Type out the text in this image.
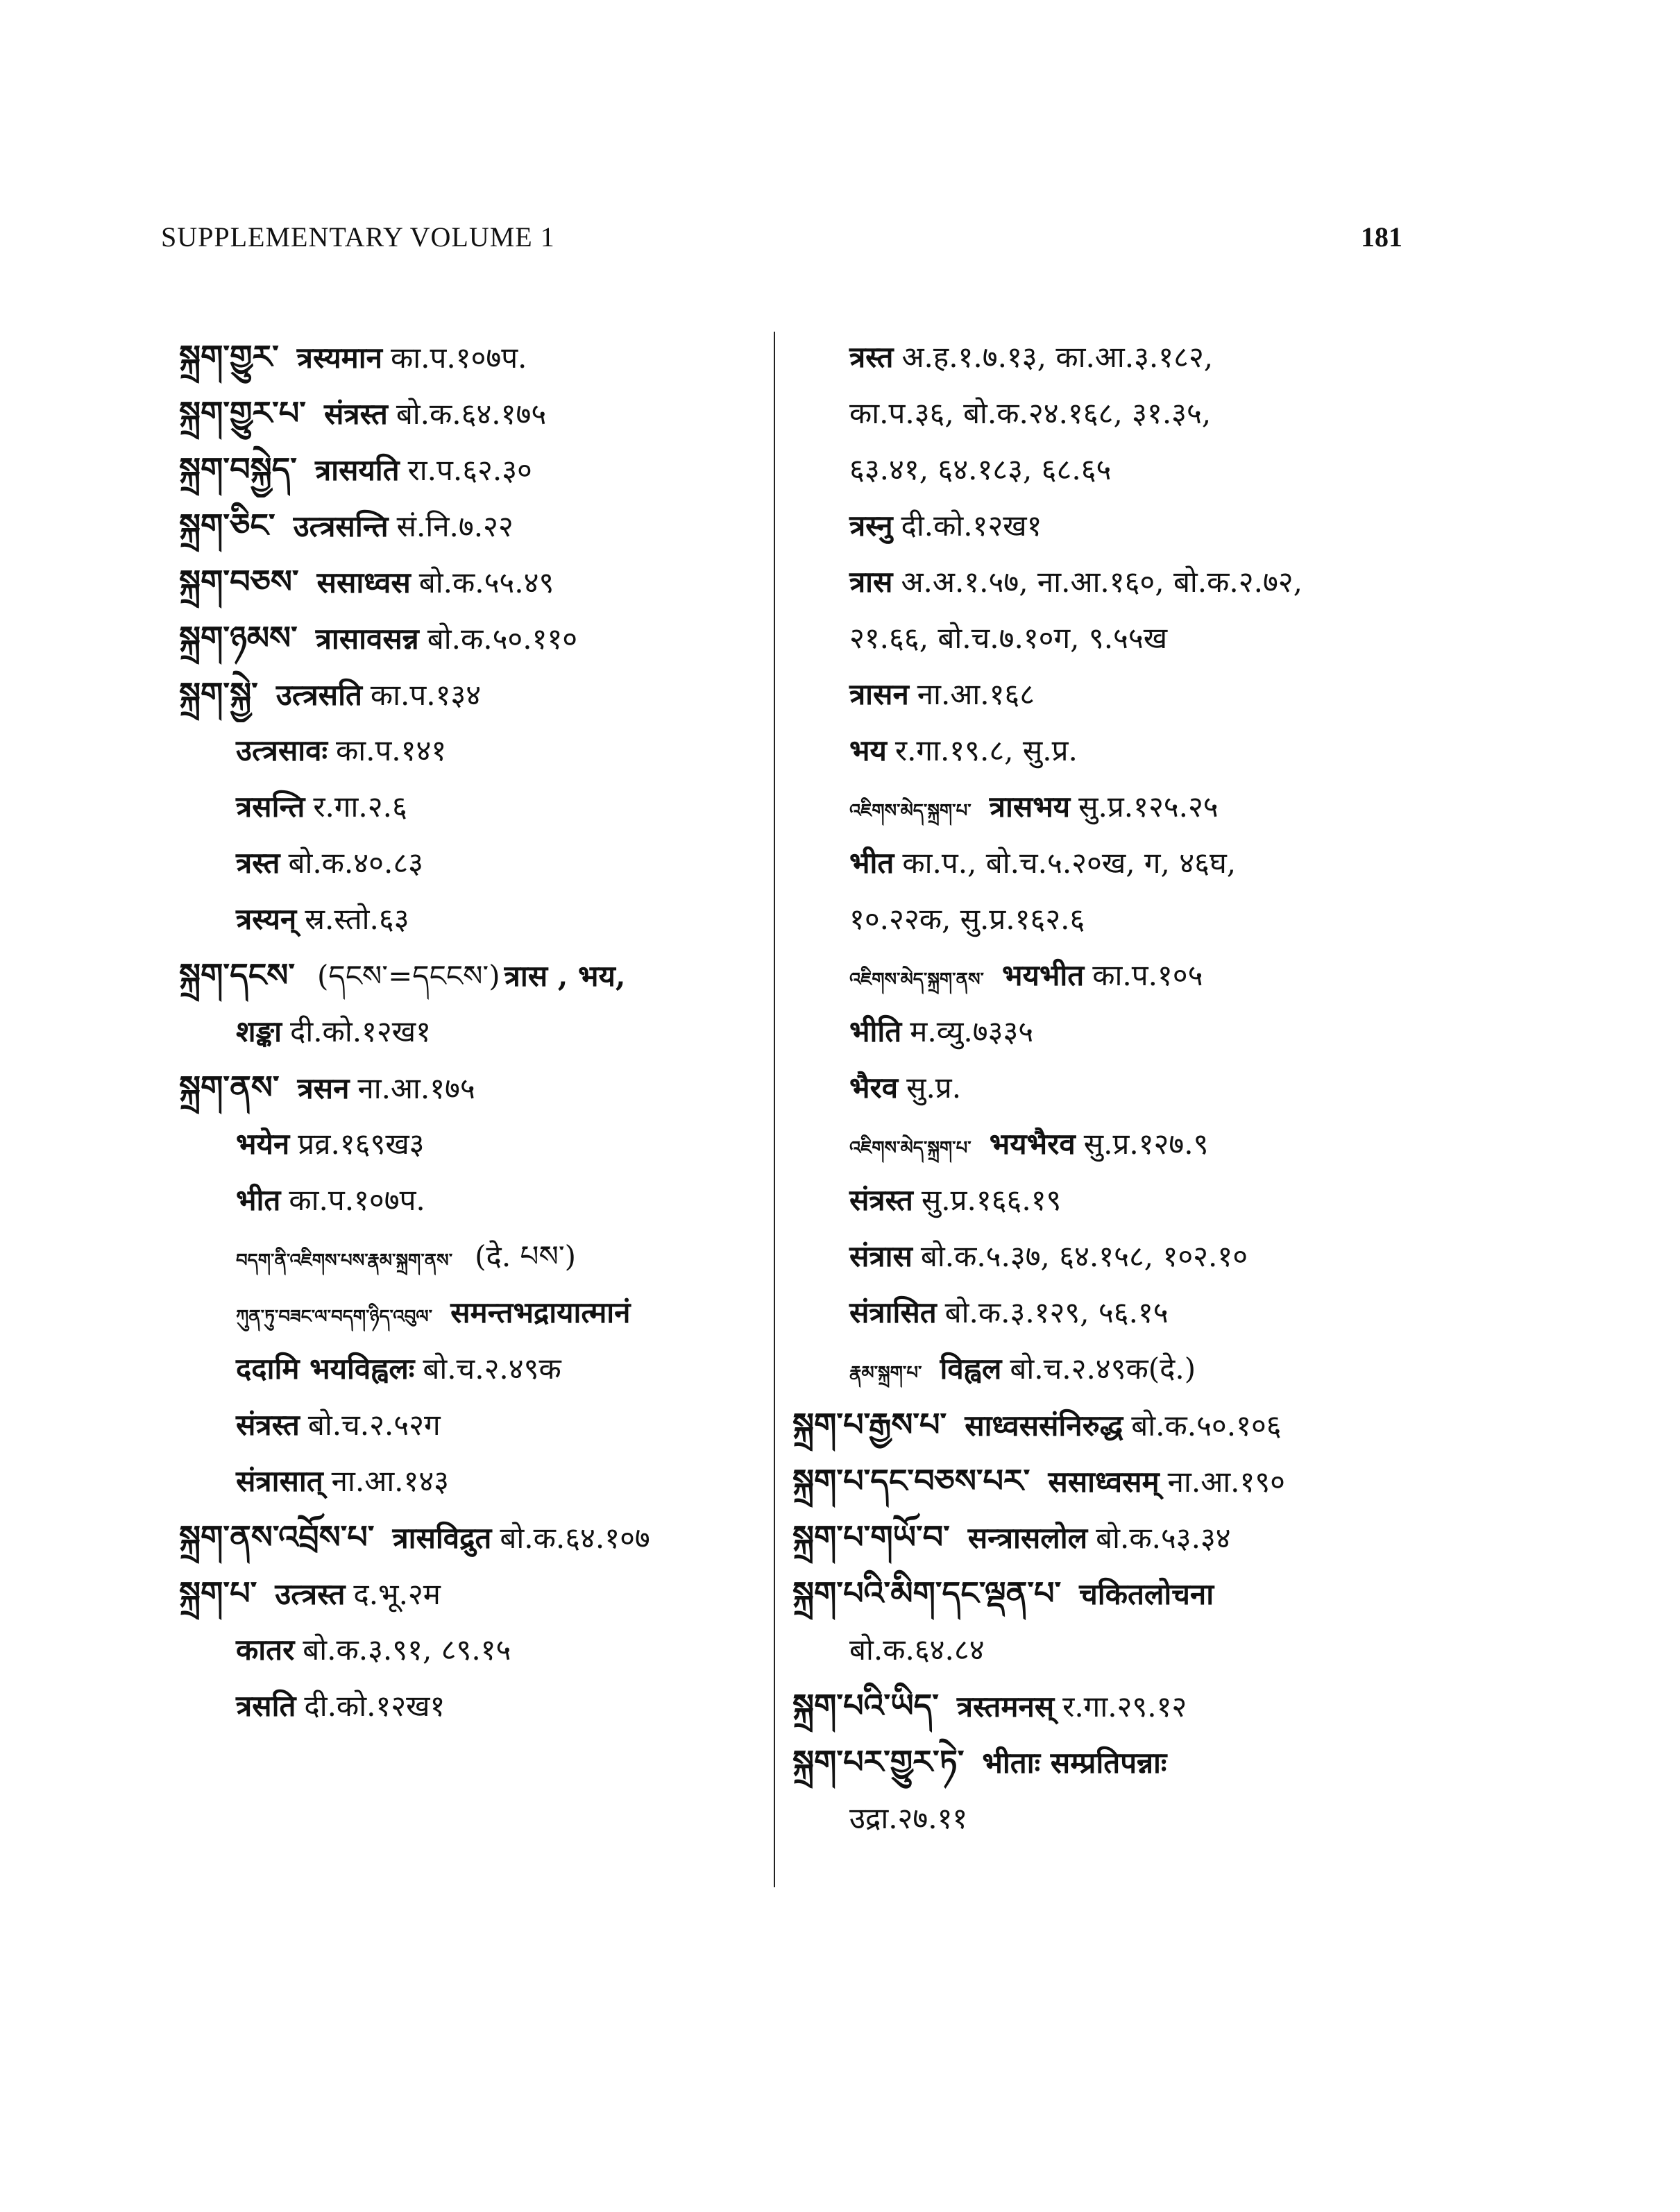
SUPPLEMENTARY VOLUME 1	181
སྐྲག་གྱུར་ त्रस्यमान का.प.१०७प.
སྐྲག་གྱུར་པ་ संत्रस्त बो.क.६४.१७५
སྐྲག་བསྐྱེད་ त्रासयति रा.प.६२.३०
སྐྲག་ཅིང་ उत्त्रसन्ति सं.नि.७.२२
སྐྲག་བཅས་ ससाध्वस बो.क.५५.४९
སྐྲག་ཉམས་ त्रासावसन्न बो.क.५०.११०
སྐྲག་སྐྱེ་ उत्त्रसति का.प.१३४
उत्त्रसावः का.प.१४१
त्रसन्ति र.गा.२.६
त्रस्त बो.क.४०.८३
त्रस्यन् स्र.स्तो.६३
སྐྲག་དངས་ (དངས་=དངངས་) त्रास , भय,
शङ्का दी.को.१२ख१
སྐྲག་ནས་ त्रसन ना.आ.१७५
भयेन प्रव्र.१६९ख३
भीत का.प.१०७प.
བདག་ནི་འཇིགས་པས་རྣམ་སྐྲག་ནས་ (दे. པས་)
ཀུན་ཏུ་བཟང་ལ་བདག་ཉིད་འབུལ་ समन्तभद्रायात्मानं
ददामि भयविह्वलः बो.च.२.४९क
संत्रस्त बो.च.२.५२ग
संत्रासात् ना.आ.१४३
སྐྲག་ནས་འབྲོས་པ་ त्रासविद्रुत बो.क.६४.१०७
སྐྲག་པ་ उत्त्रस्त द.भू.२म
कातर बो.क.३.९१, ८९.१५
त्रसति दी.को.१२ख१
त्रस्त अ.ह.१.७.१३, का.आ.३.१८२,
का.प.३६, बो.क.२४.१६८, ३१.३५,
६३.४१, ६४.१८३, ६८.६५
त्रस्नु दी.को.१२ख१
त्रास अ.अ.१.५७, ना.आ.१६०, बो.क.२.७२,
२१.६६, बो.च.७.१०ग, ९.५५ख
त्रासन ना.आ.१६८
भय र.गा.१९.८, सु.प्र.
འཇིགས་མེད་སྐྲག་པ་ त्रासभय सु.प्र.१२५.२५
भीत का.प., बो.च.५.२०ख, ग, ४६घ,
१०.२२क, सु.प्र.१६२.६
འཇིགས་མེད་སྐྲག་ནས་ भयभीत का.प.१०५
भीति म.व्यु.७३३५
भैरव सु.प्र.
འཇིགས་མེད་སྐྲག་པ་ भयभैरव सु.प्र.१२७.९
संत्रस्त सु.प्र.१६६.१९
संत्रास बो.क.५.३७, ६४.१५८, १०२.१०
संत्रासित बो.क.३.१२९, ५६.१५
རྣམ་སྐྲག་པ་ विह्वल बो.च.२.४९क(दे.)
སྐྲག་པ་རྒྱས་པ་ साध्वससंनिरुद्ध बो.क.५०.१०६
སྐྲག་པ་དང་བཅས་པར་ ससाध्वसम् ना.आ.१९०
སྐྲག་པ་གཡོ་བ་ सन्त्रासलोल बो.क.५३.३४
སྐྲག་པའི་མིག་དང་ལྡན་པ་ चकितलोचना
बो.क.६४.८४
སྐྲག་པའི་ཡིད་ त्रस्तमनस् र.गा.२९.१२
སྐྲག་པར་གྱུར་ཏེ་ भीताः सम्प्रतिपन्नाः
उद्रा.२७.११
